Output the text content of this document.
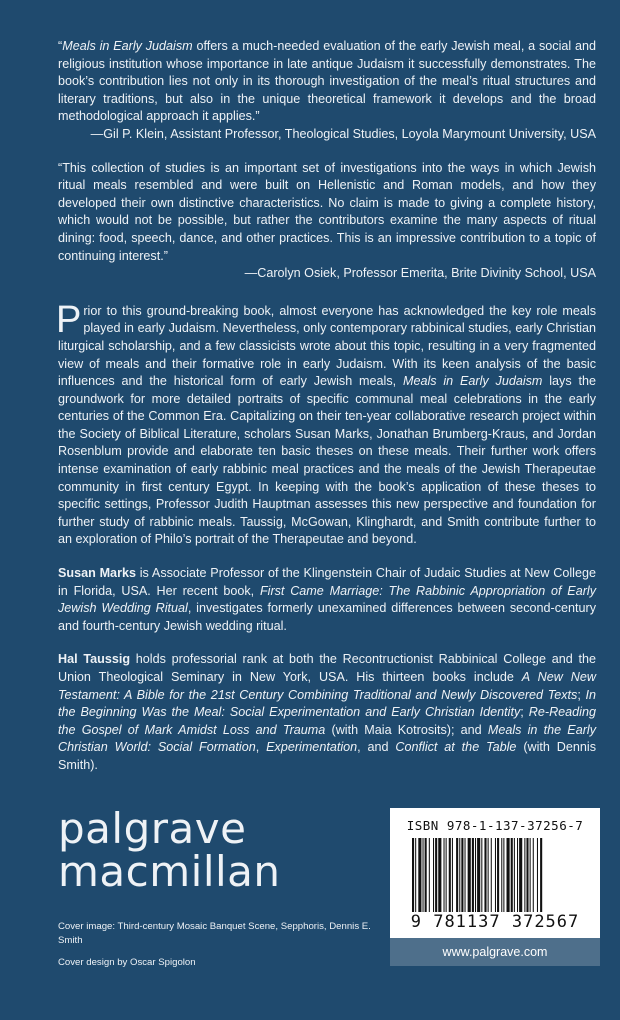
“Meals in Early Judaism offers a much-needed evaluation of the early Jewish meal, a social and religious institution whose importance in late antique Judaism it successfully demonstrates. The book’s contribution lies not only in its thorough investigation of the meal’s ritual structures and literary traditions, but also in the unique theoretical framework it develops and the broad methodological approach it applies.”

—Gil P. Klein, Assistant Professor, Theological Studies, Loyola Marymount University, USA

“This collection of studies is an important set of investigations into the ways in which Jewish ritual meals resembled and were built on Hellenistic and Roman models, and how they developed their own distinctive characteristics. No claim is made to giving a complete history, which would not be possible, but rather the contributors examine the many aspects of ritual dining: food, speech, dance, and other practices. This is an impressive contribution to a topic of continuing interest.”

—Carolyn Osiek, Professor Emerita, Brite Divinity School, USA

Prior to this ground-breaking book, almost everyone has acknowledged the key role meals played in early Judaism. Nevertheless, only contemporary rabbinical studies, early Christian liturgical scholarship, and a few classicists wrote about this topic, resulting in a very fragmented view of meals and their formative role in early Judaism. With its keen analysis of the basic influences and the historical form of early Jewish meals, Meals in Early Judaism lays the groundwork for more detailed portraits of specific communal meal celebrations in the early centuries of the Common Era. Capitalizing on their ten-year collaborative research project within the Society of Biblical Literature, scholars Susan Marks, Jonathan Brumberg-Kraus, and Jordan Rosenblum provide and elaborate ten basic theses on these meals. Their further work offers intense examination of early rabbinic meal practices and the meals of the Jewish Therapeutae community in first century Egypt. In keeping with the book’s application of these theses to specific settings, Professor Judith Hauptman assesses this new perspective and foundation for further study of rabbinic meals. Taussig, McGowan, Klinghardt, and Smith contribute further to an exploration of Philo’s portrait of the Therapeutae and beyond.

Susan Marks is Associate Professor of the Klingenstein Chair of Judaic Studies at New College in Florida, USA. Her recent book, First Came Marriage: The Rabbinic Appropriation of Early Jewish Wedding Ritual, investigates formerly unexamined differences between second-century and fourth-century Jewish wedding ritual.

Hal Taussig holds professorial rank at both the Recontructionist Rabbinical College and the Union Theological Seminary in New York, USA. His thirteen books include A New New Testament: A Bible for the 21st Century Combining Traditional and Newly Discovered Texts; In the Beginning Was the Meal: Social Experimentation and Early Christian Identity; Re-Reading the Gospel of Mark Amidst Loss and Trauma (with Maia Kotrosits); and Meals in the Early Christian World: Social Formation, Experimentation, and Conflict at the Table (with Dennis Smith).

palgrave
macmillan
Cover image: Third-century Mosaic Banquet Scene, Sepphoris, Dennis E. Smith
Cover design by Oscar Spigolon
ISBN 978-1-137-37256-7
9 781137 372567
www.palgrave.com
